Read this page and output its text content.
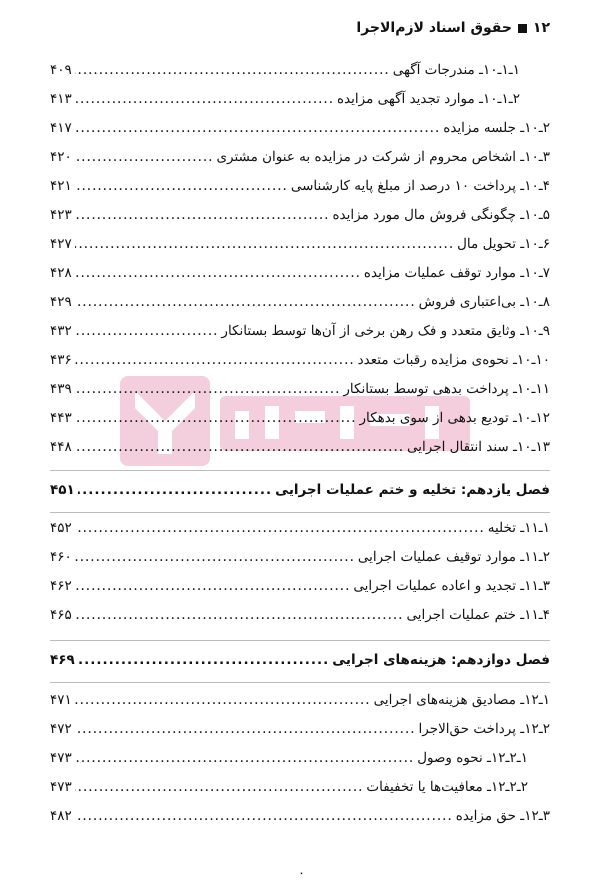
۱۲حقوق اسناد لازم‌الاجرا
۱ـ۱ـ۱۰ـ مندرجات آگهی
.....
۴۰۹
۲ـ۱ـ۱۰ـ موارد تجدید آگهی مزایده
.....
۴۱۳
۲ـ۱۰ـ جلسه مزایده
.....
۴۱۷
۳ـ۱۰ـ اشخاص محروم از شرکت در مزایده به عنوان مشتری
.....
۴۲۰
۴ـ۱۰ـ پرداخت ۱۰ درصد از مبلغ پایه کارشناسی
.....
۴۲۱
۵ـ۱۰ـ چگونگی فروش مال مورد مزایده
.....
۴۲۳
۶ـ۱۰ـ تحویل مال
.....
۴۲۷
۷ـ۱۰ـ موارد توقف عملیات مزایده
.....
۴۲۸
۸ـ۱۰ـ بی‌اعتباری فروش
.....
۴۲۹
۹ـ۱۰ـ وثایق متعدد و فک رهن برخی از آن‌ها توسط بستانکار
.....
۴۳۲
۱۰ـ۱۰ـ نحوه‌ی مزایده رقبات متعدد
.....
۴۳۶
۱۱ـ۱۰ـ پرداخت بدهی توسط بستانکار
.....
۴۳۹
۱۲ـ۱۰ـ تودیع بدهی از سوی بدهکار
.....
۴۴۳
۱۳ـ۱۰ـ سند انتقال اجرایی
.....
۴۴۸
فصل یازدهم: تخلیه و ختم عملیات اجرایی
.....
۴۵۱
۱ـ۱۱ـ تخلیه
.....
۴۵۲
۲ـ۱۱ـ موارد توقیف عملیات اجرایی
.....
۴۶۰
۳ـ۱۱ـ تجدید و اعاده عملیات اجرایی
.....
۴۶۲
۴ـ۱۱ـ ختم عملیات اجرایی
.....
۴۶۵
فصل دوازدهم: هزینه‌های اجرایی
.....
۴۶۹
۱ـ۱۲ـ مصادیق هزینه‌های اجرایی
.....
۴۷۱
۲ـ۱۲ـ پرداخت حق‌الاجرا
.....
۴۷۲
۱ـ۲ـ۱۲ـ نحوه وصول
.....
۴۷۳
۲ـ۲ـ۱۲ـ معافیت‌ها یا تخفیفات
.....
۴۷۳
۳ـ۱۲ـ حق مزایده
.....
۴۸۲
٠
